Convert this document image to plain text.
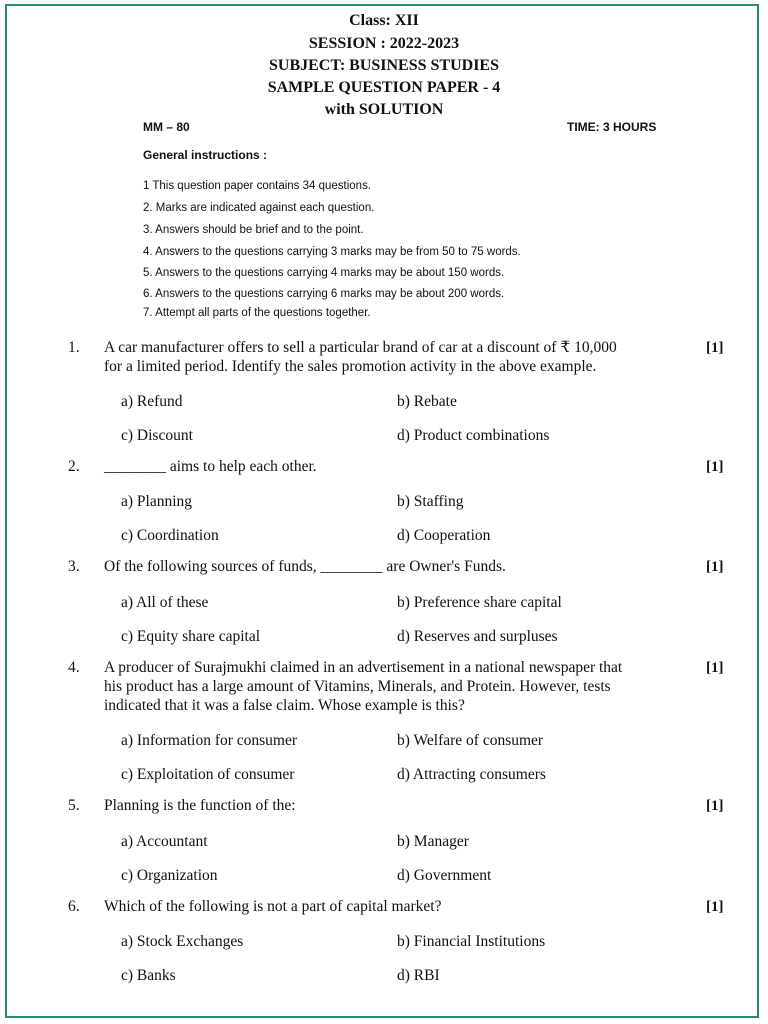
Class: XII
SESSION : 2022-2023
SUBJECT: BUSINESS STUDIES
SAMPLE QUESTION PAPER - 4
with SOLUTION
MM – 80	TIME: 3 HOURS
General instructions :
1 This question paper contains 34 questions.
2. Marks are indicated against each question.
3. Answers should be brief and to the point.
4. Answers to the questions carrying 3 marks may be from 50 to 75 words.
5. Answers to the questions carrying 4 marks may be about 150 words.
6. Answers to the questions carrying 6 marks may be about 200 words.
7. Attempt all parts of the questions together.
1. A car manufacturer offers to sell a particular brand of car at a discount of ₹ 10,000
for a limited period. Identify the sales promotion activity in the above example.
[1]
a) Refund	b) Rebate
c) Discount	d) Product combinations
2. ________ aims to help each other.	[1]
a) Planning	b) Staffing
c) Coordination	d) Cooperation
3. Of the following sources of funds, ________ are Owner's Funds.	[1]
a) All of these	b) Preference share capital
c) Equity share capital	d) Reserves and surpluses
4. A producer of Surajmukhi claimed in an advertisement in a national newspaper that
his product has a large amount of Vitamins, Minerals, and Protein. However, tests
indicated that it was a false claim. Whose example is this?
[1]
a) Information for consumer	b) Welfare of consumer
c) Exploitation of consumer	d) Attracting consumers
5. Planning is the function of the:	[1]
a) Accountant	b) Manager
c) Organization	d) Government
6. Which of the following is not a part of capital market?	[1]
a) Stock Exchanges	b) Financial Institutions
c) Banks	d) RBI
